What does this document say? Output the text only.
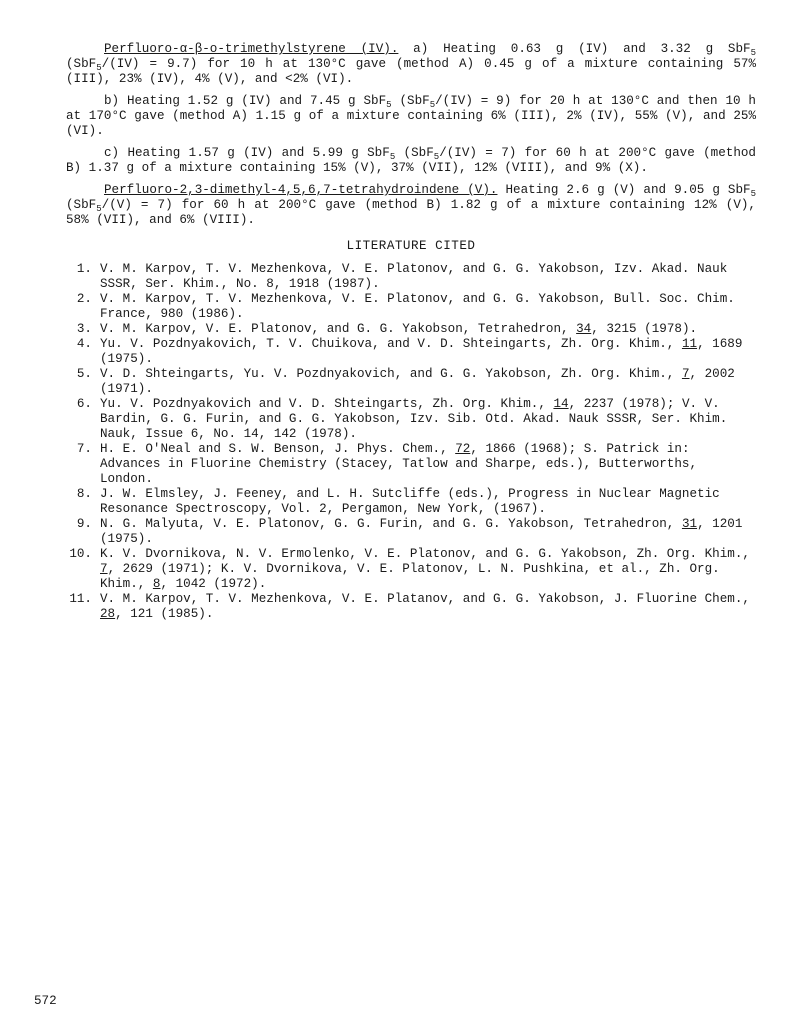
Perfluoro-α-β-o-trimethylstyrene (IV). a) Heating 0.63 g (IV) and 3.32 g SbF$_5$ (SbF$_5$/(IV) = 9.7) for 10 h at 130°C gave (method A) 0.45 g of a mixture containing 57% (III), 23% (IV), 4% (V), and <2% (VI).

b) Heating 1.52 g (IV) and 7.45 g SbF$_5$ (SbF$_5$/(IV) = 9) for 20 h at 130°C and then 10 h at 170°C gave (method A) 1.15 g of a mixture containing 6% (III), 2% (IV), 55% (V), and 25% (VI).

c) Heating 1.57 g (IV) and 5.99 g SbF$_5$ (SbF$_5$/(IV) = 7) for 60 h at 200°C gave (method B) 1.37 g of a mixture containing 15% (V), 37% (VII), 12% (VIII), and 9% (X).

Perfluoro-2,3-dimethyl-4,5,6,7-tetrahydroindene (V). Heating 2.6 g (V) and 9.05 g SbF$_5$ (SbF$_5$/(V) = 7) for 60 h at 200°C gave (method B) 1.82 g of a mixture containing 12% (V), 58% (VII), and 6% (VIII).

LITERATURE CITED
1. V. M. Karpov, T. V. Mezhenkova, V. E. Platonov, and G. G. Yakobson, Izv. Akad. Nauk SSSR, Ser. Khim., No. 8, 1918 (1987).
2. V. M. Karpov, T. V. Mezhenkova, V. E. Platonov, and G. G. Yakobson, Bull. Soc. Chim. France, 980 (1986).
3. V. M. Karpov, V. E. Platonov, and G. G. Yakobson, Tetrahedron, 34, 3215 (1978).
4. Yu. V. Pozdnyakovich, T. V. Chuikova, and V. D. Shteingarts, Zh. Org. Khim., 11, 1689 (1975).
5. V. D. Shteingarts, Yu. V. Pozdnyakovich, and G. G. Yakobson, Zh. Org. Khim., 7, 2002 (1971).
6. Yu. V. Pozdnyakovich and V. D. Shteingarts, Zh. Org. Khim., 14, 2237 (1978); V. V. Bardin, G. G. Furin, and G. G. Yakobson, Izv. Sib. Otd. Akad. Nauk SSSR, Ser. Khim. Nauk, Issue 6, No. 14, 142 (1978).
7. H. E. O'Neal and S. W. Benson, J. Phys. Chem., 72, 1866 (1968); S. Patrick in: Advances in Fluorine Chemistry (Stacey, Tatlow and Sharpe, eds.), Butterworths, London.
8. J. W. Elmsley, J. Feeney, and L. H. Sutcliffe (eds.), Progress in Nuclear Magnetic Resonance Spectroscopy, Vol. 2, Pergamon, New York, (1967).
9. N. G. Malyuta, V. E. Platonov, G. G. Furin, and G. G. Yakobson, Tetrahedron, 31, 1201 (1975).
10. K. V. Dvornikova, N. V. Ermolenko, V. E. Platonov, and G. G. Yakobson, Zh. Org. Khim., 7, 2629 (1971); K. V. Dvornikova, V. E. Platonov, L. N. Pushkina, et al., Zh. Org. Khim., 8, 1042 (1972).
11. V. M. Karpov, T. V. Mezhenkova, V. E. Platanov, and G. G. Yakobson, J. Fluorine Chem., 28, 121 (1985).
572
